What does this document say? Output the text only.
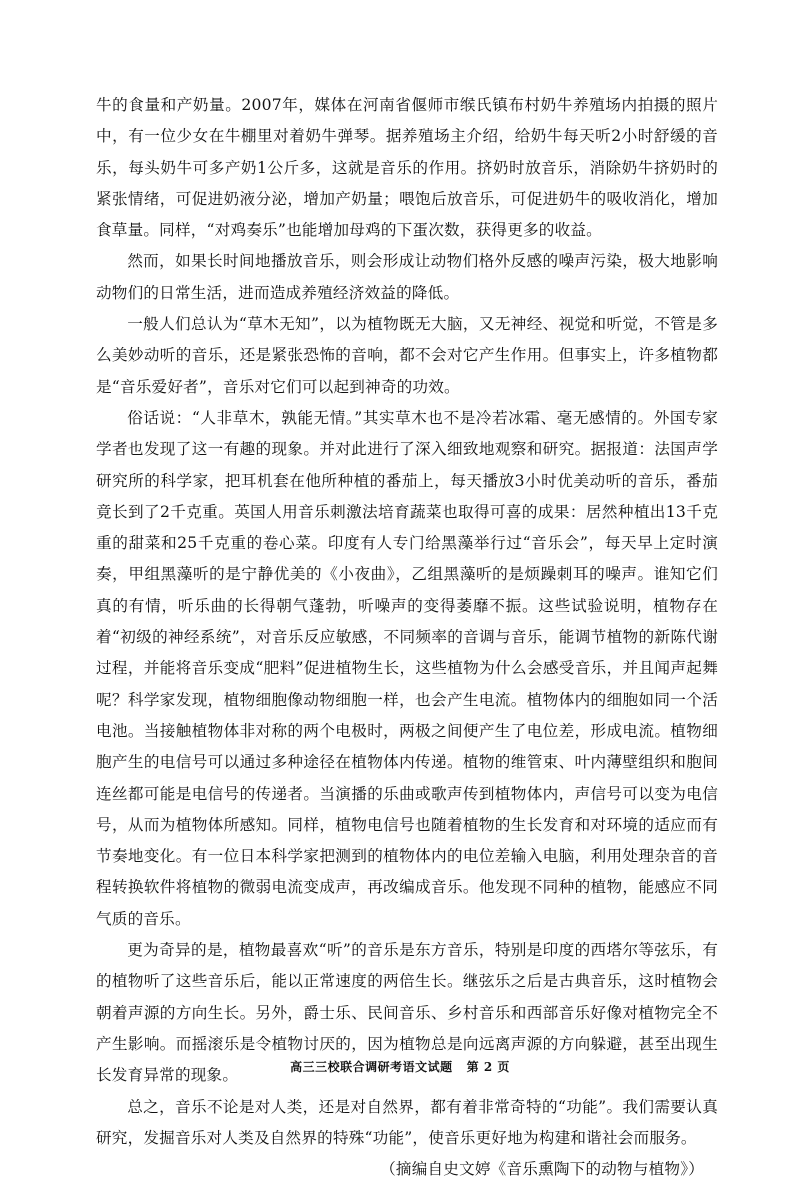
牛的食量和产奶量。2007年，媒体在河南省偃师市缑氏镇布村奶牛养殖场内拍摄的照片中，有一位少女在牛棚里对着奶牛弹琴。据养殖场主介绍，给奶牛每天听2小时舒缓的音乐，每头奶牛可多产奶1公斤多，这就是音乐的作用。挤奶时放音乐，消除奶牛挤奶时的紧张情绪，可促进奶液分泌，增加产奶量；喂饱后放音乐，可促进奶牛的吸收消化，增加食草量。同样，“对鸡奏乐”也能增加母鸡的下蛋次数，获得更多的收益。

然而，如果长时间地播放音乐，则会形成让动物们格外反感的噪声污染，极大地影响动物们的日常生活，进而造成养殖经济效益的降低。

一般人们总认为“草木无知”，以为植物既无大脑，又无神经、视觉和听觉，不管是多么美妙动听的音乐，还是紧张恐怖的音响，都不会对它产生作用。但事实上，许多植物都是“音乐爱好者”，音乐对它们可以起到神奇的功效。

俗话说：“人非草木，孰能无情。”其实草木也不是冷若冰霜、毫无感情的。外国专家学者也发现了这一有趣的现象。并对此进行了深入细致地观察和研究。据报道：法国声学研究所的科学家，把耳机套在他所种植的番茄上，每天播放3小时优美动听的音乐，番茄竟长到了2千克重。英国人用音乐刺激法培育蔬菜也取得可喜的成果：居然种植出13千克重的甜菜和25千克重的卷心菜。印度有人专门给黑藻举行过“音乐会”，每天早上定时演奏，甲组黑藻听的是宁静优美的《小夜曲》，乙组黑藻听的是烦躁刺耳的噪声。谁知它们真的有情，听乐曲的长得朝气蓬勃，听噪声的变得萎靡不振。这些试验说明，植物存在着“初级的神经系统”，对音乐反应敏感，不同频率的音调与音乐，能调节植物的新陈代谢过程，并能将音乐变成“肥料”促进植物生长，这些植物为什么会感受音乐，并且闻声起舞呢？科学家发现，植物细胞像动物细胞一样，也会产生电流。植物体内的细胞如同一个活电池。当接触植物体非对称的两个电极时，两极之间便产生了电位差，形成电流。植物细胞产生的电信号可以通过多种途径在植物体内传递。植物的维管束、叶内薄壁组织和胞间连丝都可能是电信号的传递者。当演播的乐曲或歌声传到植物体内，声信号可以变为电信号，从而为植物体所感知。同样，植物电信号也随着植物的生长发育和对环境的适应而有节奏地变化。有一位日本科学家把测到的植物体内的电位差输入电脑，利用处理杂音的音程转换软件将植物的微弱电流变成声，再改编成音乐。他发现不同种的植物，能感应不同气质的音乐。

更为奇异的是，植物最喜欢“听”的音乐是东方音乐，特别是印度的西塔尔等弦乐，有的植物听了这些音乐后，能以正常速度的两倍生长。继弦乐之后是古典音乐，这时植物会朝着声源的方向生长。另外，爵士乐、民间音乐、乡村音乐和西部音乐好像对植物完全不产生影响。而摇滚乐是令植物讨厌的，因为植物总是向远离声源的方向躲避，甚至出现生长发育异常的现象。

总之，音乐不论是对人类，还是对自然界，都有着非常奇特的“功能”。我们需要认真研究，发掘音乐对人类及自然界的特殊“功能”，使音乐更好地为构建和谐社会而服务。

（摘编自史文婷《音乐熏陶下的动物与植物》）

高三三校联合调研考语文试题 第 2 页
